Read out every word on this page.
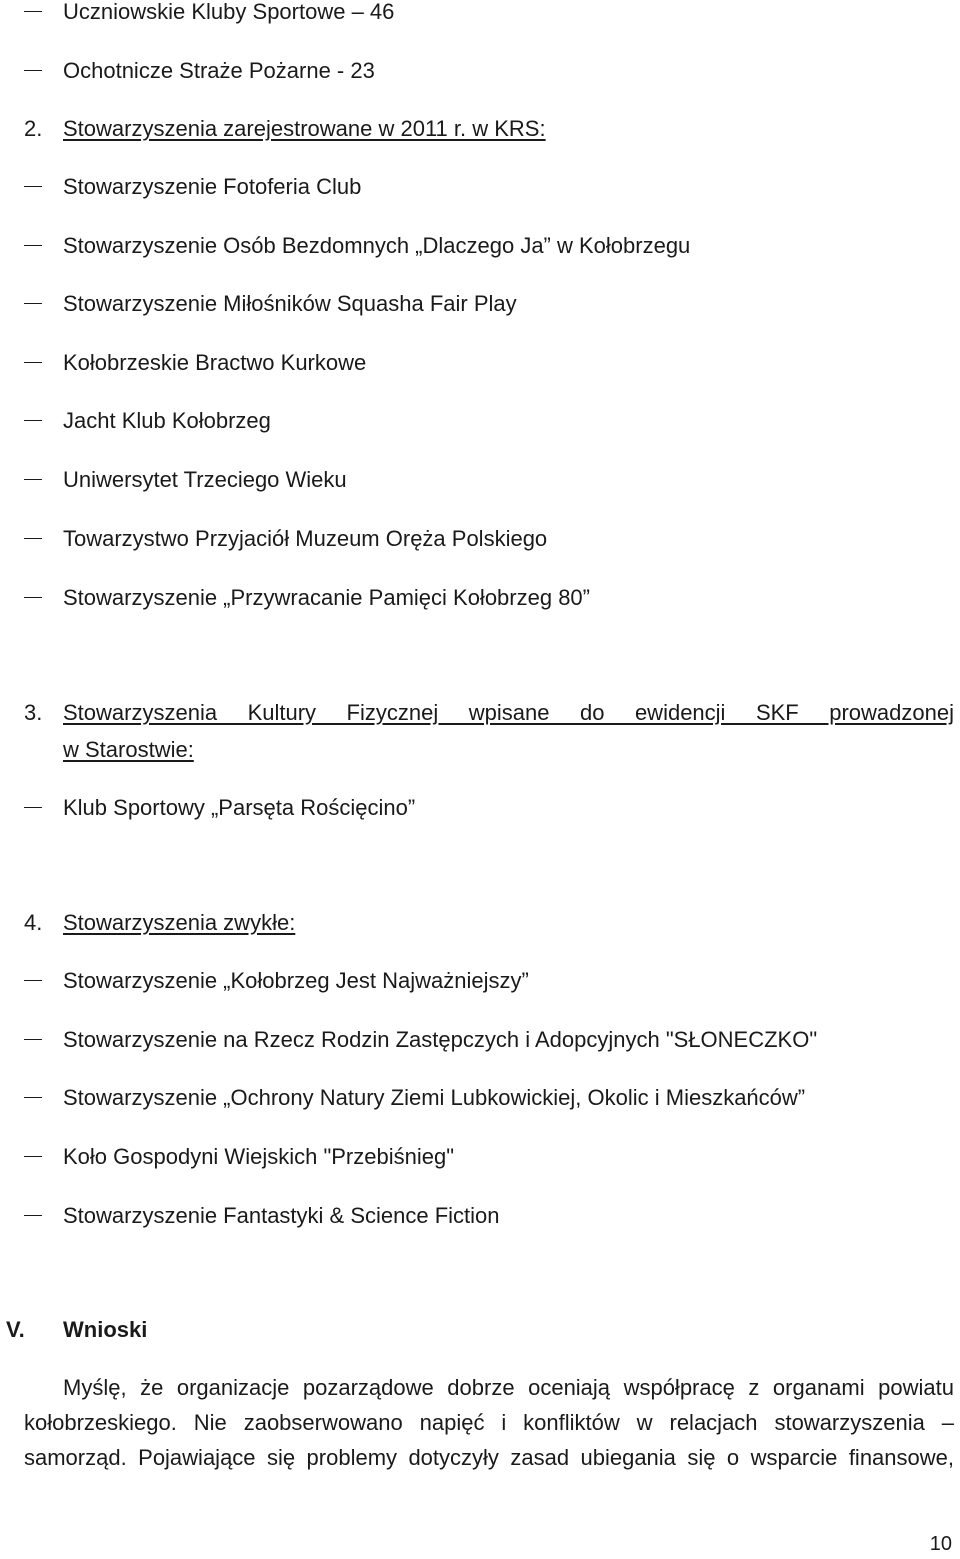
Uczniowskie Kluby Sportowe – 46
Ochotnicze Straże Pożarne - 23
2. Stowarzyszenia zarejestrowane w 2011 r. w KRS:
Stowarzyszenie Fotoferia Club
Stowarzyszenie Osób Bezdomnych „Dlaczego Ja” w Kołobrzegu
Stowarzyszenie Miłośników Squasha Fair Play
Kołobrzeskie Bractwo Kurkowe
Jacht Klub Kołobrzeg
Uniwersytet Trzeciego Wieku
Towarzystwo Przyjaciół Muzeum Oręża Polskiego
Stowarzyszenie „Przywracanie Pamięci Kołobrzeg 80”
3. Stowarzyszenia Kultury Fizycznej wpisane do ewidencji SKF prowadzonej
w Starostwie:
Klub Sportowy „Parsęta Rościęcino”
4. Stowarzyszenia zwykłe:
Stowarzyszenie „Kołobrzeg Jest Najważniejszy”
Stowarzyszenie na Rzecz Rodzin Zastępczych i Adopcyjnych "SŁONECZKO"
Stowarzyszenie „Ochrony Natury Ziemi Lubkowickiej, Okolic i Mieszkańców”
Koło Gospodyni Wiejskich "Przebiśnieg"
Stowarzyszenie Fantastyki & Science Fiction
V. Wnioski
Myślę, że organizacje pozarządowe dobrze oceniają współpracę z organami powiatu
kołobrzeskiego. Nie zaobserwowano napięć i konfliktów w relacjach stowarzyszenia –
samorząd. Pojawiające się problemy dotyczyły zasad ubiegania się o wsparcie finansowe,
10
